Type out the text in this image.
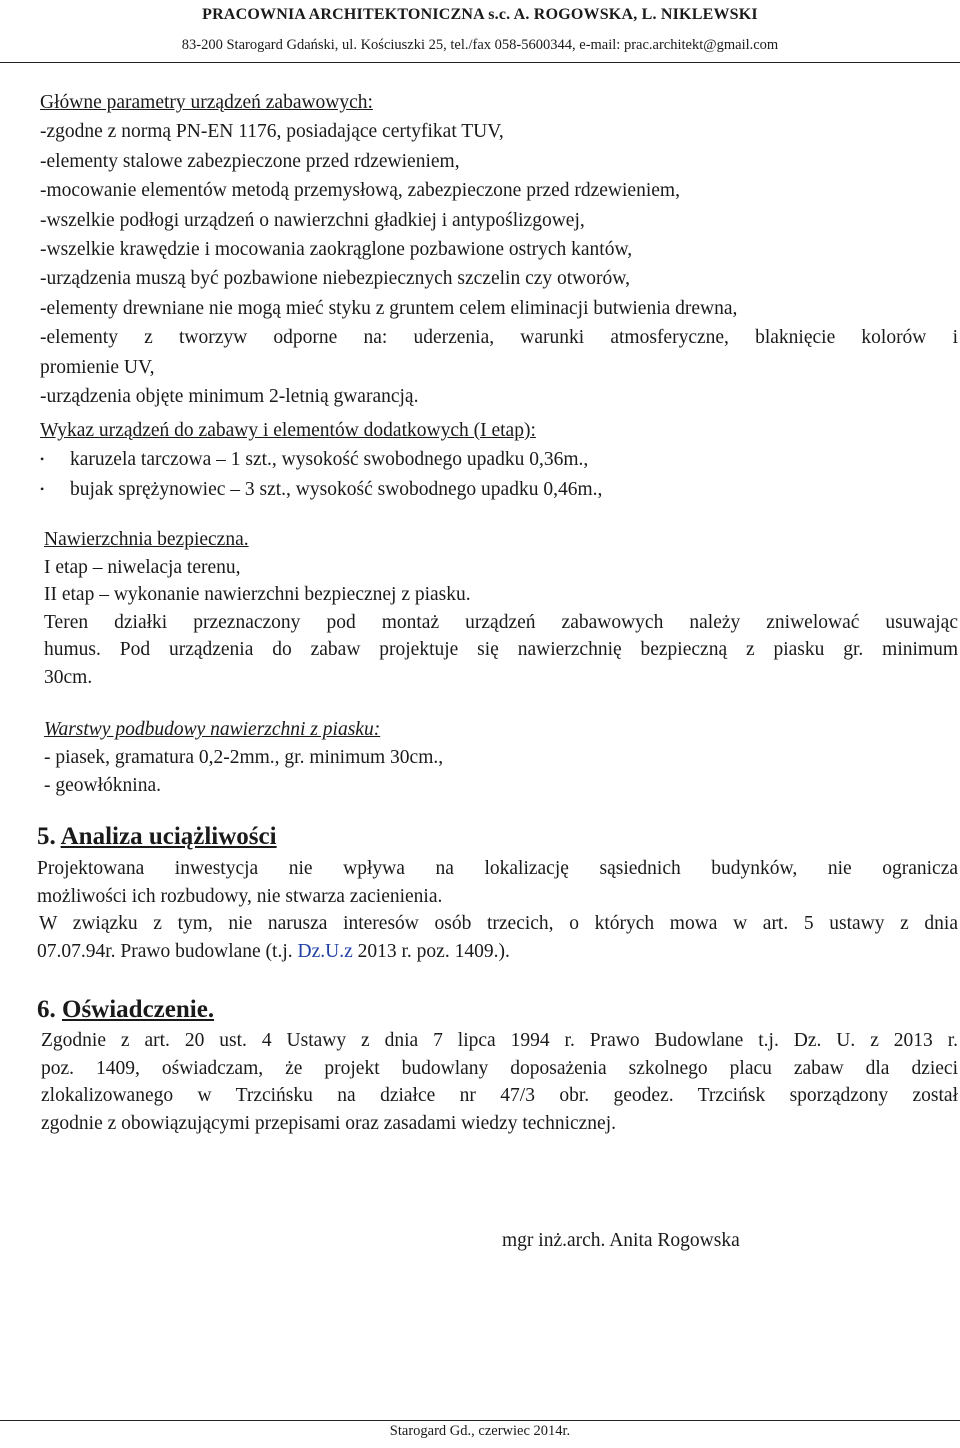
PRACOWNIA ARCHITEKTONICZNA s.c. A. ROGOWSKA, L. NIKLEWSKI
83-200 Starogard Gdański, ul. Kościuszki 25, tel./fax 058-5600344, e-mail: prac.architekt@gmail.com

Główne parametry urządzeń zabawowych:

-zgodne z normą PN-EN 1176, posiadające certyfikat TUV,

-elementy stalowe zabezpieczone przed rdzewieniem,

-mocowanie elementów metodą przemysłową, zabezpieczone przed rdzewieniem,

-wszelkie podłogi urządzeń o nawierzchni gładkiej i antypoślizgowej,

-wszelkie krawędzie i mocowania zaokrąglone pozbawione ostrych kantów,

-urządzenia muszą być pozbawione niebezpiecznych szczelin czy otworów,

-elementy drewniane nie mogą mieć styku z gruntem celem eliminacji butwienia drewna,

-elementy z tworzyw odporne na: uderzenia, warunki atmosferyczne, blaknięcie kolorów i

promienie UV,

-urządzenia objęte minimum 2-letnią gwarancją.

Wykaz urządzeń do zabawy i elementów dodatkowych (I etap):

•	karuzela tarczowa – 1 szt., wysokość swobodnego upadku 0,36m.,
•	bujak sprężynowiec – 3 szt., wysokość swobodnego upadku 0,46m.,

Nawierzchnia bezpieczna.

I etap – niwelacja terenu,

II etap – wykonanie nawierzchni bezpiecznej z piasku.

Teren działki przeznaczony pod montaż urządzeń zabawowych należy zniwelować usuwając

humus. Pod urządzenia do zabaw projektuje się nawierzchnię bezpieczną z piasku gr. minimum

30cm.

Warstwy podbudowy nawierzchni z piasku:

- piasek, gramatura 0,2-2mm., gr. minimum 30cm.,

- geowłóknina.

5. Analiza uciążliwości

Projektowana inwestycja nie wpływa na lokalizację sąsiednich budynków, nie ogranicza

możliwości ich rozbudowy, nie stwarza zacienienia.

W związku z tym, nie narusza interesów osób trzecich, o których mowa w art. 5 ustawy z dnia

07.07.94r. Prawo budowlane (t.j. Dz.U.z 2013 r. poz. 1409.).

6. Oświadczenie.

Zgodnie z art. 20 ust. 4 Ustawy z dnia 7 lipca 1994 r. Prawo Budowlane t.j. Dz. U. z 2013 r.

poz. 1409, oświadczam, że projekt budowlany doposażenia szkolnego placu zabaw dla dzieci

zlokalizowanego w Trzcińsku na działce nr 47/3 obr. geodez. Trzcińsk sporządzony został

zgodnie z obowiązującymi przepisami oraz zasadami wiedzy technicznej.

mgr inż.arch. Anita Rogowska
Starogard Gd., czerwiec 2014r.
